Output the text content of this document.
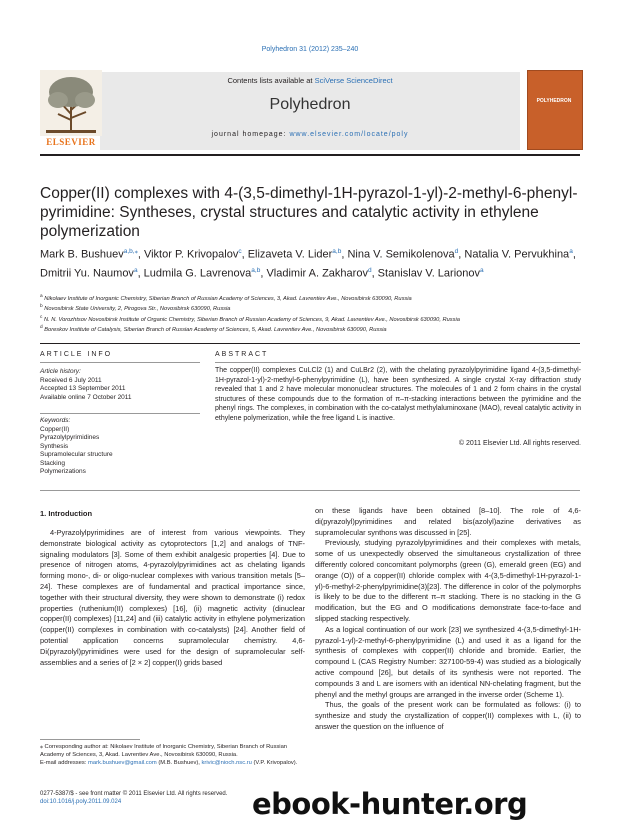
Polyhedron 31 (2012) 235–240
Contents lists available at SciVerse ScienceDirect
Polyhedron
journal homepage: www.elsevier.com/locate/poly
ELSEVIER
POLYHEDRON
Copper(II) complexes with 4-(3,5-dimethyl-1H-pyrazol-1-yl)-2-methyl-6-phenyl-pyrimidine: Syntheses, crystal structures and catalytic activity in ethylene polymerization
Mark B. Bushuev$^{a,b,⁎}$, Viktor P. Krivopalov$^c$, Elizaveta V. Lider$^{a,b}$, Nina V. Semikolenova$^d$, Natalia V. Pervukhina$^a$, Dmitrii Yu. Naumov$^a$, Ludmila G. Lavrenova$^{a,b}$, Vladimir A. Zakharov$^d$, Stanislav V. Larionov$^a$
$^a$ Nikolaev Institute of Inorganic Chemistry, Siberian Branch of Russian Academy of Sciences, 3, Akad. Lavrentiev Ave., Novosibirsk 630090, Russia
$^b$ Novosibirsk State University, 2, Pirogova Str., Novosibirsk 630090, Russia
$^c$ N. N. Vorozhtsov Novosibirsk Institute of Organic Chemistry, Siberian Branch of Russian Academy of Sciences, 9, Akad. Lavrentiev Ave., Novosibirsk 630090, Russia
$^d$ Boreskov Institute of Catalysis, Siberian Branch of Russian Academy of Sciences, 5, Akad. Lavrentiev Ave., Novosibirsk 630090, Russia
ARTICLE INFO	ABSTRACT
Article history:
Received 6 July 2011
Accepted 13 September 2011
Available online 7 October 2011
Keywords:
Copper(II)
Pyrazolylpyrimidines
Synthesis
Supramolecular structure
Stacking
Polymerizations
The copper(II) complexes CuLCl2 (1) and CuLBr2 (2), with the chelating pyrazolylpyrimidine ligand 4-(3,5-dimethyl-1H-pyrazol-1-yl)-2-methyl-6-phenylpyrimidine (L), have been synthesized. A single crystal X-ray diffraction study revealed that 1 and 2 have molecular mononuclear structures. The molecules of 1 and 2 form chains in the crystal structures of these compounds due to the formation of π–π-stacking interactions between the pyrimidine and the phenyl rings. The complexes, in combination with the co-catalyst methylaluminoxane (MAO), reveal catalytic activity in ethylene polymerization, while the free ligand L is inactive.
© 2011 Elsevier Ltd. All rights reserved.
1. Introduction

4-Pyrazolylpyrimidines are of interest from various viewpoints. They demonstrate biological activity as cytoprotectors [1,2] and analogs of TNF-signaling modulators [3]. Some of them exhibit analgesic properties [4]. Due to presence of nitrogen atoms, 4-pyrazolylpyrimidines act as chelating ligands forming mono-, di- or oligo-nuclear complexes with various transition metals [5–24]. These complexes are of fundamental and practical importance since, together with their structural diversity, they were shown to demonstrate (i) redox properties (ruthenium(II) complexes) [16], (ii) magnetic activity (dinuclear copper(II) complexes) [11,24] and (iii) catalytic activity in ethylene polymerization (copper(II) complexes in combination with co-catalysts) [24]. Another field of potential application concerns supramolecular chemistry. 4,6-Di(pyrazolyl)pyrimidines were used for the design of supramolecular self-assemblies and a series of [2 × 2] copper(I) grids based

on these ligands have been obtained [8–10]. The role of 4,6-di(pyrazolyl)pyrimidines and related bis(azolyl)azine derivatives as supramolecular synthons was discussed in [25].

Previously, studying pyrazolylpyrimidines and their complexes with metals, some of us unexpectedly observed the simultaneous crystallization of three differently colored concomitant polymorphs (green (G), emerald green (EG) and orange (O)) of a copper(II) chloride complex with 4-(3,5-dimethyl-1H-pyrazol-1-yl)-6-methyl-2-phenylpyrimidine(3)[23]. The difference in color of the polymorphs is likely to be due to the different π–π stacking. There is no stacking in the G modification, but the EG and O modifications demonstrate face-to-face and slipped stacking respectively.

As a logical continuation of our work [23] we synthesized 4-(3,5-dimethyl-1H-pyrazol-1-yl)-2-methyl-6-phenylpyrimidine (L) and used it as a ligand for the synthesis of complexes with copper(II) chloride and bromide. Earlier, the compound L (CAS Registry Number: 327100-59-4) was studied as a biologically active compound [26], but details of its synthesis were not reported. The compounds 3 and L are isomers with an identical NN-chelating fragment, but the phenyl and the methyl groups are arranged in the inverse order (Scheme 1).

Thus, the goals of the present work can be formulated as follows: (i) to synthesize and study the crystallization of copper(II) complexes with L, (ii) to answer the question on the influence of

⁎ Corresponding author at: Nikolaev Institute of Inorganic Chemistry, Siberian Branch of Russian Academy of Sciences, 3, Akad. Lavrentiev Ave., Novosibirsk 630090, Russia.
E-mail addresses: mark.bushuev@gmail.com (M.B. Bushuev), krivic@nioch.nsc.ru (V.P. Krivopalov).
0277-5387/$ - see front matter © 2011 Elsevier Ltd. All rights reserved.
doi:10.1016/j.poly.2011.09.024	ebook-hunter.org
